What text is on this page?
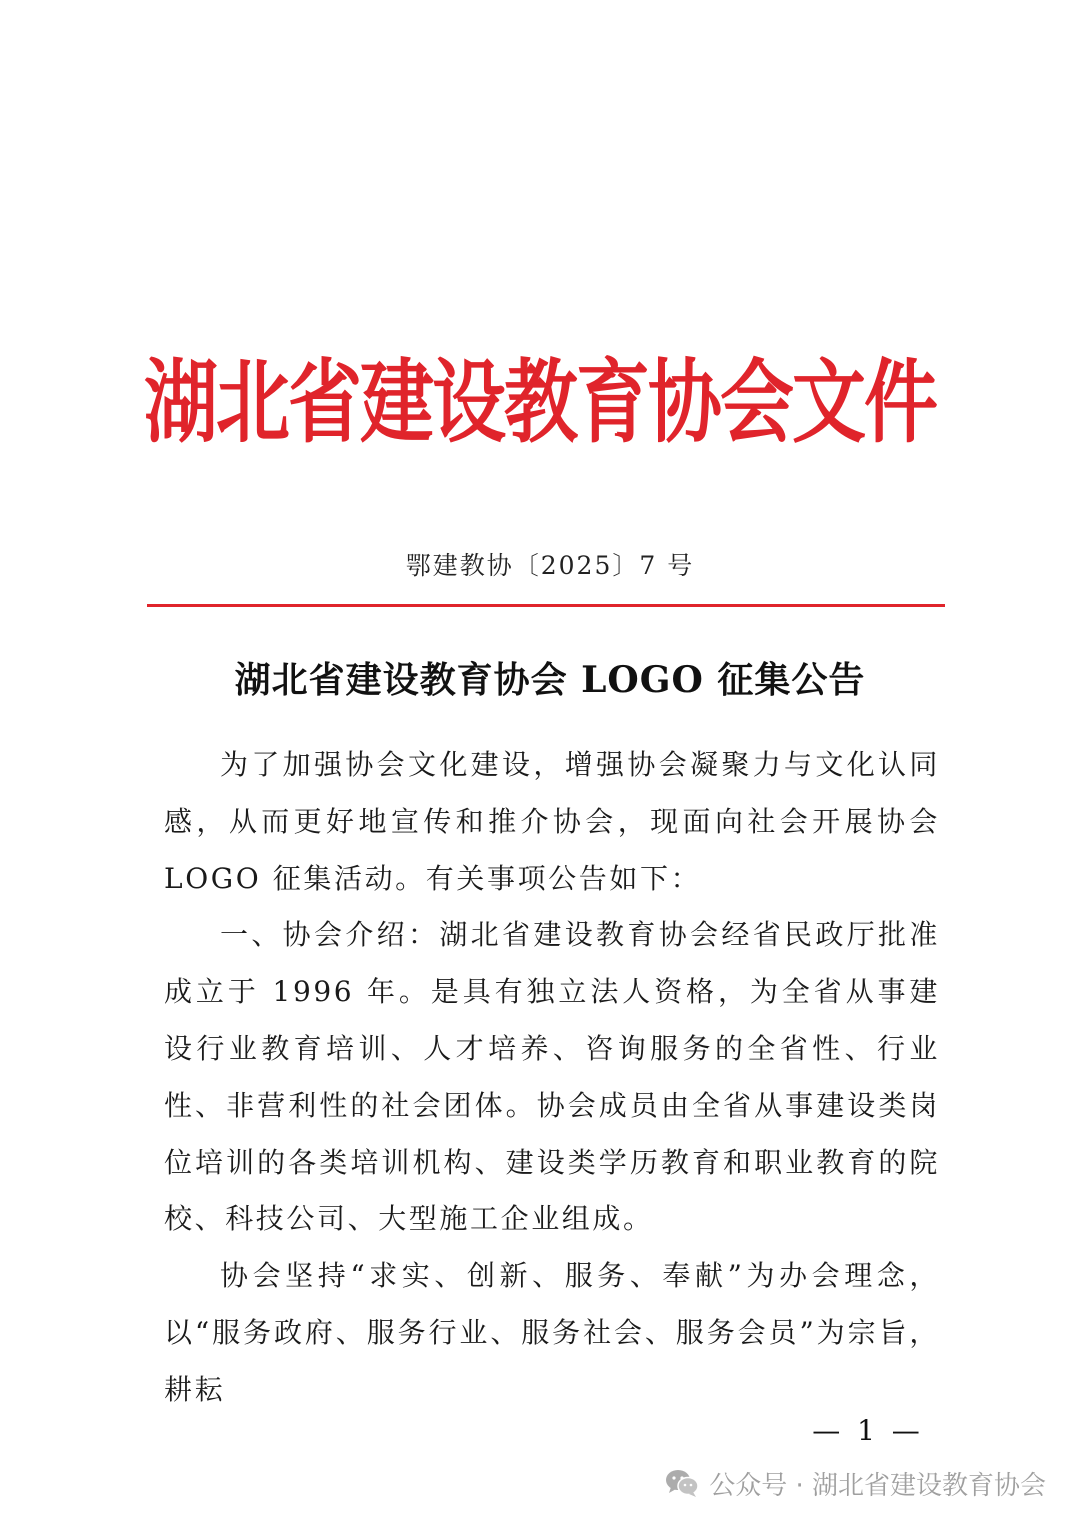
湖北省建设教育协会文件
鄂建教协〔2025〕7 号
湖北省建设教育协会 LOGO 征集公告

为了加强协会文化建设，增强协会凝聚力与文化认同感，从而更好地宣传和推介协会，现面向社会开展协会 LOGO 征集活动。有关事项公告如下：

一、协会介绍：湖北省建设教育协会经省民政厅批准成立于 1996 年。是具有独立法人资格，为全省从事建设行业教育培训、人才培养、咨询服务的全省性、行业性、非营利性的社会团体。协会成员由全省从事建设类岗位培训的各类培训机构、建设类学历教育和职业教育的院校、科技公司、大型施工企业组成。

协会坚持“求实、创新、服务、奉献”为办会理念，以“服务政府、服务行业、服务社会、服务会员”为宗旨，耕耘

— 1 —
公众号 · 湖北省建设教育协会
